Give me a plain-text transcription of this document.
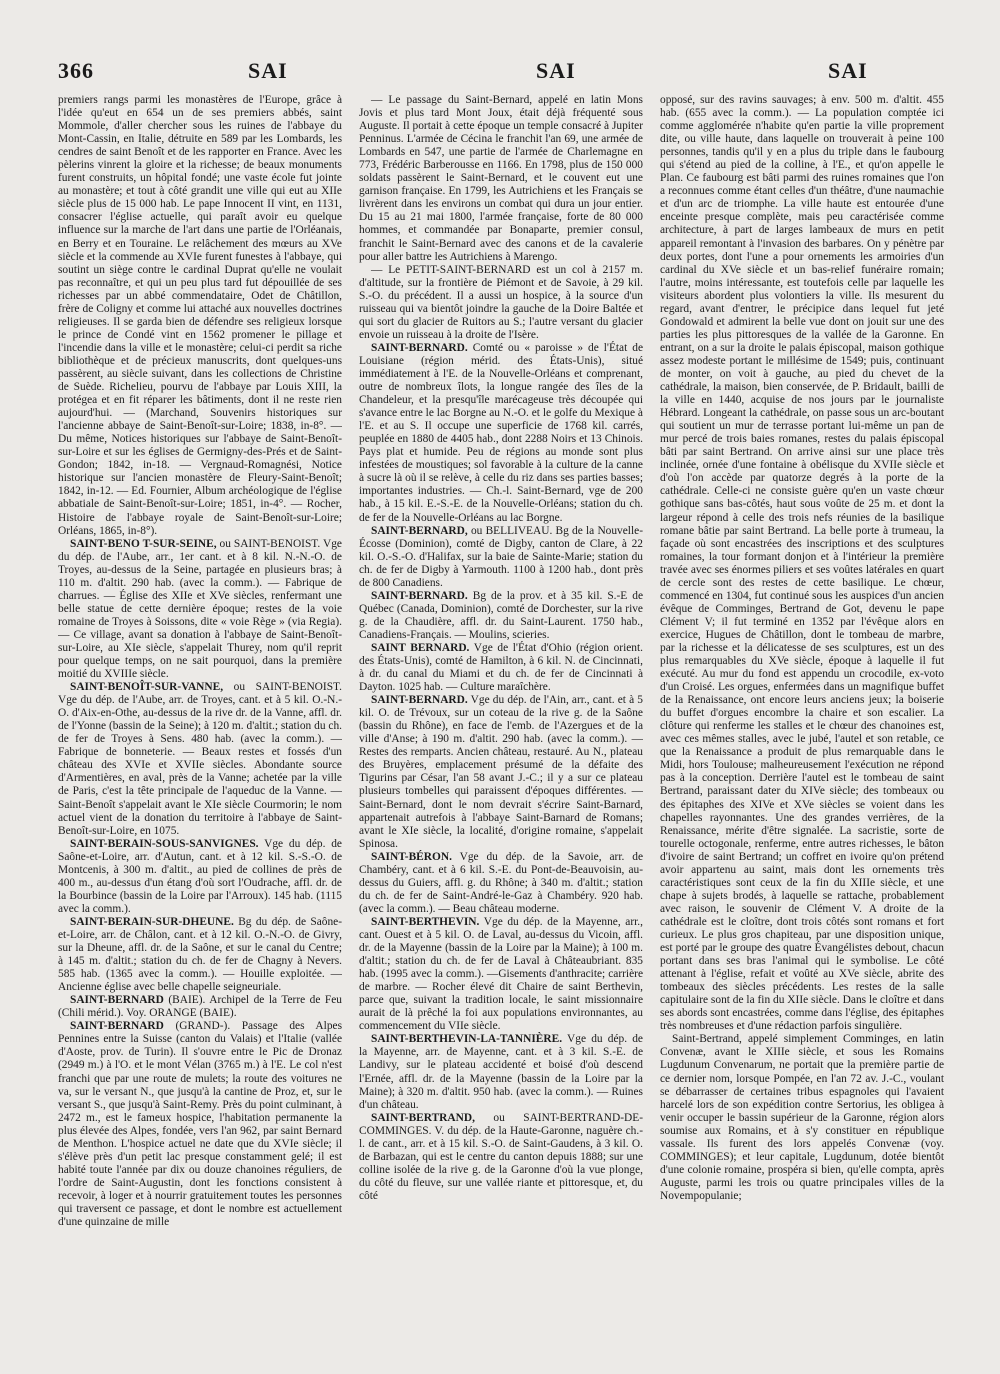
366	SAI	SAI	SAI

premiers rangs parmi les monastères de l'Europe, grâce à l'idée qu'eut en 654 un de ses premiers abbés, saint Mommole, d'aller chercher sous les ruines de l'abbaye du Mont-Cassin, en Italie, détruite en 589 par les Lombards, les cendres de saint Benoît et de les rapporter en France. Avec les pèlerins vinrent la gloire et la richesse; de beaux monuments furent construits, un hôpital fondé; une vaste école fut jointe au monastère; et tout à côté grandit une ville qui eut au XIIe siècle plus de 15 000 hab. Le pape Innocent II vint, en 1131, consacrer l'église actuelle, qui paraît avoir eu quelque influence sur la marche de l'art dans une partie de l'Orléanais, en Berry et en Touraine. Le relâchement des mœurs au XVe siècle et la commende au XVIe furent funestes à l'abbaye, qui soutint un siège contre le cardinal Duprat qu'elle ne voulait pas reconnaître, et qui un peu plus tard fut dépouillée de ses richesses par un abbé commendataire, Odet de Châtillon, frère de Coligny et comme lui attaché aux nouvelles doctrines religieuses. Il se garda bien de défendre ses religieux lorsque le prince de Condé vint en 1562 promener le pillage et l'incendie dans la ville et le monastère; celui-ci perdit sa riche bibliothèque et de précieux manuscrits, dont quelques-uns passèrent, au siècle suivant, dans les collections de Christine de Suède. Richelieu, pourvu de l'abbaye par Louis XIII, la protégea et en fit réparer les bâtiments, dont il ne reste rien aujourd'hui. — (Marchand, Souvenirs historiques sur l'ancienne abbaye de Saint-Benoît-sur-Loire; 1838, in-8°. — Du même, Notices historiques sur l'abbaye de Saint-Benoît-sur-Loire et sur les églises de Germigny-des-Prés et de Saint-Gondon; 1842, in-18. — Vergnaud-Romagnési, Notice historique sur l'ancien monastère de Fleury-Saint-Benoît; 1842, in-12. — Ed. Fournier, Album archéologique de l'église abbatiale de Saint-Benoît-sur-Loire; 1851, in-4°. — Rocher, Histoire de l'abbaye royale de Saint-Benoît-sur-Loire; Orléans, 1865, in-8°).

SAINT-BENO T-SUR-SEINE, ou SAINT-BENOIST. Vge du dép. de l'Aube, arr., 1er cant. et à 8 kil. N.-N.-O. de Troyes, au-dessus de la Seine, partagée en plusieurs bras; à 110 m. d'altit. 290 hab. (avec la comm.). — Fabrique de charrues. — Église des XIIe et XVe siècles, renfermant une belle statue de cette dernière époque; restes de la voie romaine de Troyes à Soissons, dite « voie Rège » (via Regia). — Ce village, avant sa donation à l'abbaye de Saint-Benoît-sur-Loire, au XIe siècle, s'appelait Thurey, nom qu'il reprit pour quelque temps, on ne sait pourquoi, dans la première moitié du XVIIIe siècle.

SAINT-BENOÎT-SUR-VANNE, ou SAINT-BENOIST. Vge du dép. de l'Aube, arr. de Troyes, cant. et à 5 kil. O.-N.-O. d'Aix-en-Othe, au-dessus de la rive dr. de la Vanne, affl. dr. de l'Yonne (bassin de la Seine); à 120 m. d'altit.; station du ch. de fer de Troyes à Sens. 480 hab. (avec la comm.). — Fabrique de bonneterie. — Beaux restes et fossés d'un château des XVIe et XVIIe siècles. Abondante source d'Armentières, en aval, près de la Vanne; achetée par la ville de Paris, c'est la tête principale de l'aqueduc de la Vanne. — Saint-Benoît s'appelait avant le XIe siècle Courmorin; le nom actuel vient de la donation du territoire à l'abbaye de Saint-Benoît-sur-Loire, en 1075.

SAINT-BERAIN-SOUS-SANVIGNES. Vge du dép. de Saône-et-Loire, arr. d'Autun, cant. et à 12 kil. S.-S.-O. de Montcenis, à 300 m. d'altit., au pied de collines de près de 400 m., au-dessus d'un étang d'où sort l'Oudrache, affl. dr. de la Bourbince (bassin de la Loire par l'Arroux). 145 hab. (1115 avec la comm.).

SAINT-BERAIN-SUR-DHEUNE. Bg du dép. de Saône-et-Loire, arr. de Châlon, cant. et à 12 kil. O.-N.-O. de Givry, sur la Dheune, affl. dr. de la Saône, et sur le canal du Centre; à 145 m. d'altit.; station du ch. de fer de Chagny à Nevers. 585 hab. (1365 avec la comm.). — Houille exploitée. — Ancienne église avec belle chapelle seigneuriale.

SAINT-BERNARD (BAIE). Archipel de la Terre de Feu (Chili mérid.). Voy. ORANGE (BAIE).

SAINT-BERNARD (GRAND-). Passage des Alpes Pennines entre la Suisse (canton du Valais) et l'Italie (vallée d'Aoste, prov. de Turin). Il s'ouvre entre le Pic de Dronaz (2949 m.) à l'O. et le mont Vélan (3765 m.) à l'E. Le col n'est franchi que par une route de mulets; la route des voitures ne va, sur le versant N., que jusqu'à la cantine de Proz, et, sur le versant S., que jusqu'à Saint-Remy. Près du point culminant, à 2472 m., est le fameux hospice, l'habitation permanente la plus élevée des Alpes, fondée, vers l'an 962, par saint Bernard de Menthon. L'hospice actuel ne date que du XVIe siècle; il s'élève près d'un petit lac presque constamment gelé; il est habité toute l'année par dix ou douze chanoines réguliers, de l'ordre de Saint-Augustin, dont les fonctions consistent à recevoir, à loger et à nourrir gratuitement toutes les personnes qui traversent ce passage, et dont le nombre est actuellement d'une quinzaine de mille

— Le passage du Saint-Bernard, appelé en latin Mons Jovis et plus tard Mont Joux, était déjà fréquenté sous Auguste. Il portait à cette époque un temple consacré à Jupiter Penninus. L'armée de Cécina le franchit l'an 69, une armée de Lombards en 547, une partie de l'armée de Charlemagne en 773, Frédéric Barberousse en 1166. En 1798, plus de 150 000 soldats passèrent le Saint-Bernard, et le couvent eut une garnison française. En 1799, les Autrichiens et les Français se livrèrent dans les environs un combat qui dura un jour entier. Du 15 au 21 mai 1800, l'armée française, forte de 80 000 hommes, et commandée par Bonaparte, premier consul, franchit le Saint-Bernard avec des canons et de la cavalerie pour aller battre les Autrichiens à Marengo.

— Le PETIT-SAINT-BERNARD est un col à 2157 m. d'altitude, sur la frontière de Piémont et de Savoie, à 29 kil. S.-O. du précédent. Il a aussi un hospice, à la source d'un ruisseau qui va bientôt joindre la gauche de la Doire Baltée et qui sort du glacier de Ruitors au S.; l'autre versant du glacier envoie un ruisseau à la droite de l'Isère.

SAINT-BERNARD. Comté ou « paroisse » de l'État de Louisiane (région mérid. des États-Unis), situé immédiatement à l'E. de la Nouvelle-Orléans et comprenant, outre de nombreux îlots, la longue rangée des îles de la Chandeleur, et la presqu'île marécageuse très découpée qui s'avance entre le lac Borgne au N.-O. et le golfe du Mexique à l'E. et au S. Il occupe une superficie de 1768 kil. carrés, peuplée en 1880 de 4405 hab., dont 2288 Noirs et 13 Chinois. Pays plat et humide. Peu de régions au monde sont plus infestées de moustiques; sol favorable à la culture de la canne à sucre là où il se relève, à celle du riz dans ses parties basses; importantes industries. — Ch.-l. Saint-Bernard, vge de 200 hab., à 15 kil. E.-S.-E. de la Nouvelle-Orléans; station du ch. de fer de la Nouvelle-Orléans au lac Borgne.

SAINT-BERNARD, ou BELLIVEAU. Bg de la Nouvelle-Écosse (Dominion), comté de Digby, canton de Clare, à 22 kil. O.-S.-O. d'Halifax, sur la baie de Sainte-Marie; station du ch. de fer de Digby à Yarmouth. 1100 à 1200 hab., dont près de 800 Canadiens.

SAINT-BERNARD. Bg de la prov. et à 35 kil. S.-E de Québec (Canada, Dominion), comté de Dorchester, sur la rive g. de la Chaudière, affl. dr. du Saint-Laurent. 1750 hab., Canadiens-Français. — Moulins, scieries.

SAINT BERNARD. Vge de l'État d'Ohio (région orient. des États-Unis), comté de Hamilton, à 6 kil. N. de Cincinnati, à dr. du canal du Miami et du ch. de fer de Cincinnati à Dayton. 1025 hab. — Culture maraîchère.

SAINT-BERNARD. Vge du dép. de l'Ain, arr., cant. et à 5 kil. O. de Trévoux, sur un coteau de la rive g. de la Saône (bassin du Rhône), en face de l'emb. de l'Azergues et de la ville d'Anse; à 190 m. d'altit. 290 hab. (avec la comm.). — Restes des remparts. Ancien château, restauré. Au N., plateau des Bruyères, emplacement présumé de la défaite des Tigurins par César, l'an 58 avant J.-C.; il y a sur ce plateau plusieurs tombelles qui paraissent d'époques différentes. — Saint-Bernard, dont le nom devrait s'écrire Saint-Barnard, appartenait autrefois à l'abbaye Saint-Barnard de Romans; avant le XIe siècle, la localité, d'origine romaine, s'appelait Spinosa.

SAINT-BÉRON. Vge du dép. de la Savoie, arr. de Chambéry, cant. et à 6 kil. S.-E. du Pont-de-Beauvoisin, au-dessus du Guiers, affl. g. du Rhône; à 340 m. d'altit.; station du ch. de fer de Saint-André-le-Gaz à Chambéry. 920 hab. (avec la comm.). — Beau château moderne.

SAINT-BERTHEVIN. Vge du dép. de la Mayenne, arr., cant. Ouest et à 5 kil. O. de Laval, au-dessus du Vicoin, affl. dr. de la Mayenne (bassin de la Loire par la Maine); à 100 m. d'altit.; station du ch. de fer de Laval à Châteaubriant. 835 hab. (1995 avec la comm.). —Gisements d'anthracite; carrière de marbre. — Rocher élevé dit Chaire de saint Berthevin, parce que, suivant la tradition locale, le saint missionnaire aurait de là prêché la foi aux populations environnantes, au commencement du VIIe siècle.

SAINT-BERTHEVIN-LA-TANNIÈRE. Vge du dép. de la Mayenne, arr. de Mayenne, cant. et à 3 kil. S.-E. de Landivy, sur le plateau accidenté et boisé d'où descend l'Ernée, affl. dr. de la Mayenne (bassin de la Loire par la Maine); à 320 m. d'altit. 950 hab. (avec la comm.). — Ruines d'un château.

SAINT-BERTRAND, ou SAINT-BERTRAND-DE-COMMINGES. V. du dép. de la Haute-Garonne, naguère ch.-l. de cant., arr. et à 15 kil. S.-O. de Saint-Gaudens, à 3 kil. O. de Barbazan, qui est le centre du canton depuis 1888; sur une colline isolée de la rive g. de la Garonne d'où la vue plonge, du côté du fleuve, sur une vallée riante et pittoresque, et, du côté

opposé, sur des ravins sauvages; à env. 500 m. d'altit. 455 hab. (655 avec la comm.). — La population comptée ici comme agglomérée n'habite qu'en partie la ville proprement dite, ou ville haute, dans laquelle on trouverait à peine 100 personnes, tandis qu'il y en a plus du triple dans le faubourg qui s'étend au pied de la colline, à l'E., et qu'on appelle le Plan. Ce faubourg est bâti parmi des ruines romaines que l'on a reconnues comme étant celles d'un théâtre, d'une naumachie et d'un arc de triomphe. La ville haute est entourée d'une enceinte presque complète, mais peu caractérisée comme architecture, à part de larges lambeaux de murs en petit appareil remontant à l'invasion des barbares. On y pénètre par deux portes, dont l'une a pour ornements les armoiries d'un cardinal du XVe siècle et un bas-relief funéraire romain; l'autre, moins intéressante, est toutefois celle par laquelle les visiteurs abordent plus volontiers la ville. Ils mesurent du regard, avant d'entrer, le précipice dans lequel fut jeté Gondowald et admirent la belle vue dont on jouit sur une des parties les plus pittoresques de la vallée de la Garonne. En entrant, on a sur la droite le palais épiscopal, maison gothique assez modeste portant le millésime de 1549; puis, continuant de monter, on voit à gauche, au pied du chevet de la cathédrale, la maison, bien conservée, de P. Bridault, bailli de la ville en 1440, acquise de nos jours par le journaliste Hébrard. Longeant la cathédrale, on passe sous un arc-boutant qui soutient un mur de terrasse portant lui-même un pan de mur percé de trois baies romanes, restes du palais épiscopal bâti par saint Bertrand. On arrive ainsi sur une place très inclinée, ornée d'une fontaine à obélisque du XVIIe siècle et d'où l'on accède par quatorze degrés à la porte de la cathédrale. Celle-ci ne consiste guère qu'en un vaste chœur gothique sans bas-côtés, haut sous voûte de 25 m. et dont la largeur répond à celle des trois nefs réunies de la basilique romane bâtie par saint Bertrand. La belle porte à trumeau, la façade où sont encastrées des inscriptions et des sculptures romaines, la tour formant donjon et à l'intérieur la première travée avec ses énormes piliers et ses voûtes latérales en quart de cercle sont des restes de cette basilique. Le chœur, commencé en 1304, fut continué sous les auspices d'un ancien évêque de Comminges, Bertrand de Got, devenu le pape Clément V; il fut terminé en 1352 par l'évêque alors en exercice, Hugues de Châtillon, dont le tombeau de marbre, par la richesse et la délicatesse de ses sculptures, est un des plus remarquables du XVe siècle, époque à laquelle il fut exécuté. Au mur du fond est appendu un crocodile, ex-voto d'un Croisé. Les orgues, enfermées dans un magnifique buffet de la Renaissance, ont encore leurs anciens jeux; la boiserie du buffet d'orgues encombre la chaire et son escalier. La clôture qui renferme les stalles et le chœur des chanoines est, avec ces mêmes stalles, avec le jubé, l'autel et son retable, ce que la Renaissance a produit de plus remarquable dans le Midi, hors Toulouse; malheureusement l'exécution ne répond pas à la conception. Derrière l'autel est le tombeau de saint Bertrand, paraissant dater du XIVe siècle; des tombeaux ou des épitaphes des XIVe et XVe siècles se voient dans les chapelles rayonnantes. Une des grandes verrières, de la Renaissance, mérite d'être signalée. La sacristie, sorte de tourelle octogonale, renferme, entre autres richesses, le bâton d'ivoire de saint Bertrand; un coffret en ivoire qu'on prétend avoir appartenu au saint, mais dont les ornements très caractéristiques sont ceux de la fin du XIIIe siècle, et une chape à sujets brodés, à laquelle se rattache, probablement avec raison, le souvenir de Clément V. A droite de la cathédrale est le cloître, dont trois côtés sont romans et fort curieux. Le plus gros chapiteau, par une disposition unique, est porté par le groupe des quatre Évangélistes debout, chacun portant dans ses bras l'animal qui le symbolise. Le côté attenant à l'église, refait et voûté au XVe siècle, abrite des tombeaux des siècles précédents. Les restes de la salle capitulaire sont de la fin du XIIe siècle. Dans le cloître et dans ses abords sont encastrées, comme dans l'église, des épitaphes très nombreuses et d'une rédaction parfois singulière.

Saint-Bertrand, appelé simplement Comminges, en latin Convenæ, avant le XIIIe siècle, et sous les Romains Lugdunum Convenarum, ne portait que la première partie de ce dernier nom, lorsque Pompée, en l'an 72 av. J.-C., voulant se débarrasser de certaines tribus espagnoles qui l'avaient harcelé lors de son expédition contre Sertorius, les obligea à venir occuper le bassin supérieur de la Garonne, région alors soumise aux Romains, et à s'y constituer en république vassale. Ils furent des lors appelés Convenæ (voy. COMMINGES); et leur capitale, Lugdunum, dotée bientôt d'une colonie romaine, prospéra si bien, qu'elle compta, après Auguste, parmi les trois ou quatre principales villes de la Novempopulanie;
